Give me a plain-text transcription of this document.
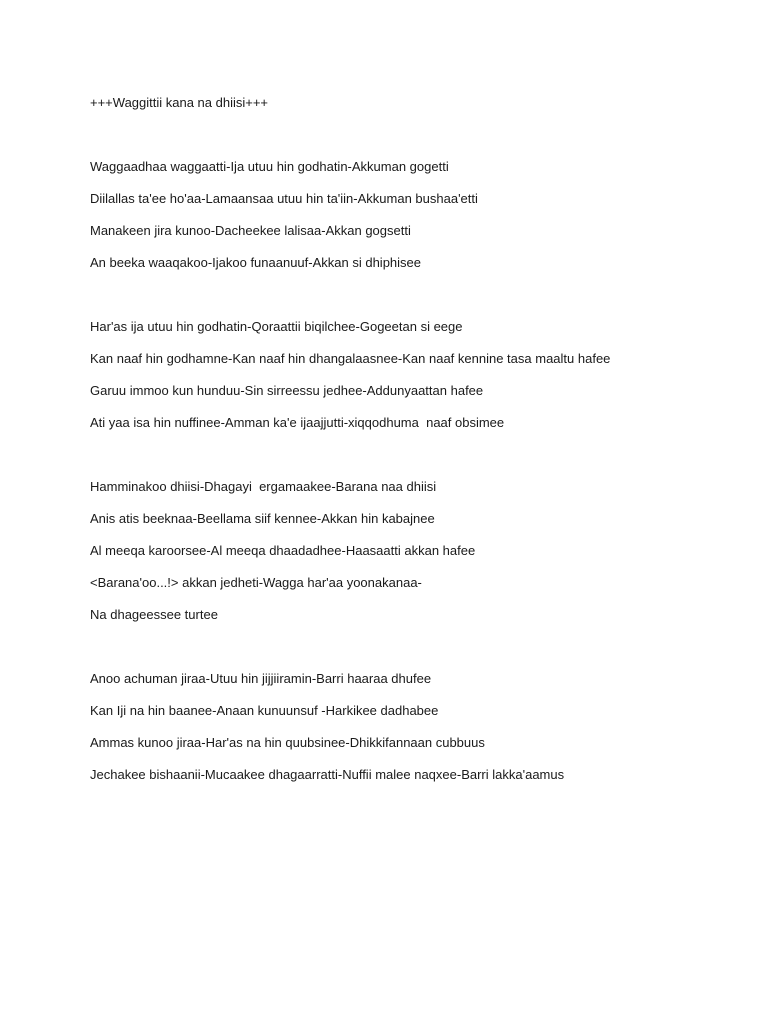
+++Waggittii kana na dhiisi+++

Waggaadhaa waggaatti-Ija utuu hin godhatin-Akkuman gogetti

Diilallas ta'ee ho'aa-Lamaansaa utuu hin ta'iin-Akkuman bushaa'etti

Manakeen jira kunoo-Dacheekee lalisaa-Akkan gogsetti

An beeka waaqakoo-Ijakoo funaanuuf-Akkan si dhiphisee

Har'as ija utuu hin godhatin-Qoraattii biqilchee-Gogeetan si eege

Kan naaf hin godhamne-Kan naaf hin dhangalaasnee-Kan naaf kennine tasa maaltu hafee

Garuu immoo kun hunduu-Sin sirreessu jedhee-Addunyaattan hafee

Ati yaa isa hin nuffinee-Amman ka'e ijaajjutti-xiqqodhuma  naaf obsimee

Hamminakoo dhiisi-Dhagayi  ergamaakee-Barana naa dhiisi

Anis atis beeknaa-Beellama siif kennee-Akkan hin kabajnee

Al meeqa karoorsee-Al meeqa dhaadadhee-Haasaatti akkan hafee

<Barana'oo...!> akkan jedheti-Wagga har'aa yoonakanaa-

Na dhageessee turtee

Anoo achuman jiraa-Utuu hin jijjiiramin-Barri haaraa dhufee

Kan Iji na hin baanee-Anaan kunuunsuf -Harkikee dadhabee

Ammas kunoo jiraa-Har'as na hin quubsinee-Dhikkifannaan cubbuus

Jechakee bishaanii-Mucaakee dhagaarratti-Nuffii malee naqxee-Barri lakka'aamus
